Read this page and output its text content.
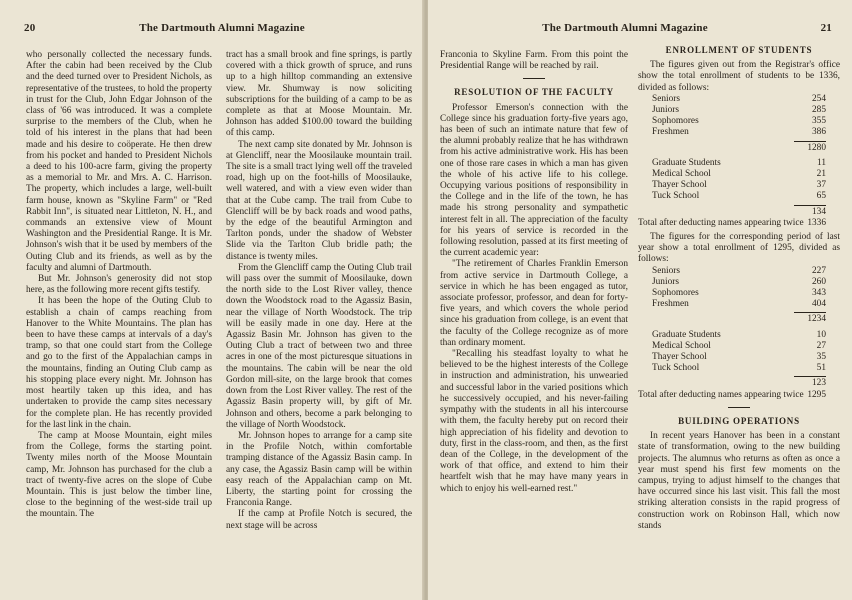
20	The Dartmouth Alumni Magazine

who personally collected the necessary funds. After the cabin had been received by the Club and the deed turned over to President Nichols, as representative of the trustees, to hold the property in trust for the Club, John Edgar Johnson of the class of '66 was introduced. It was a complete surprise to the members of the Club, when he told of his interest in the plans that had been made and his desire to coöperate. He then drew from his pocket and handed to President Nichols a deed to his 100-acre farm, giving the property as a memorial to Mr. and Mrs. A. C. Harrison. The property, which includes a large, well-built farm house, known as "Skyline Farm" or "Red Rabbit Inn", is situated near Littleton, N. H., and commands an extensive view of Mount Washington and the Presidential Range. It is Mr. Johnson's wish that it be used by members of the Outing Club and its friends, as well as by the faculty and alumni of Dartmouth.

But Mr. Johnson's generosity did not stop here, as the following more recent gifts testify.

It has been the hope of the Outing Club to establish a chain of camps reaching from Hanover to the White Mountains. The plan has been to have these camps at intervals of a day's tramp, so that one could start from the College and go to the first of the Appalachian camps in the mountains, finding an Outing Club camp as his stopping place every night. Mr. Johnson has most heartily taken up this idea, and has undertaken to provide the camp sites necessary for the complete plan. He has recently provided for the last link in the chain.

The camp at Moose Mountain, eight miles from the College, forms the starting point. Twenty miles north of the Moose Mountain camp, Mr. Johnson has purchased for the club a tract of twenty-five acres on the slope of Cube Mountain. This is just below the timber line, close to the beginning of the west-side trail up the mountain. The

tract has a small brook and fine springs, is partly covered with a thick growth of spruce, and runs up to a high hilltop commanding an extensive view. Mr. Shumway is now soliciting subscriptions for the building of a camp to be as complete as that at Moose Mountain. Mr. Johnson has added $100.00 toward the building of this camp.

The next camp site donated by Mr. Johnson is at Glencliff, near the Moosilauke mountain trail. The site is a small tract lying well off the traveled road, high up on the foot-hills of Moosilauke, well watered, and with a view even wider than that at the Cube camp. The trail from Cube to Glencliff will be by back roads and wood paths, by the edge of the beautiful Armington and Tarlton ponds, under the shadow of Webster Slide via the Tarlton Club bridle path; the distance is twenty miles.

From the Glencliff camp the Outing Club trail will pass over the summit of Moosilauke, down the north side to the Lost River valley, thence down the Woodstock road to the Agassiz Basin, near the village of North Woodstock. The trip will be easily made in one day. Here at the Agassiz Basin Mr. Johnson has given to the Outing Club a tract of between two and three acres in one of the most picturesque situations in the mountains. The cabin will be near the old Gordon mill-site, on the large brook that comes down from the Lost River valley. The rest of the Agassiz Basin property will, by gift of Mr. Johnson and others, become a park belonging to the village of North Woodstock.

Mr. Johnson hopes to arrange for a camp site in the Profile Notch, within comfortable tramping distance of the Agassiz Basin camp. In any case, the Agassiz Basin camp will be within easy reach of the Appalachian camp on Mt. Liberty, the starting point for crossing the Franconia Range.

If the camp at Profile Notch is secured, the next stage will be across

The Dartmouth Alumni Magazine	21

Franconia to Skyline Farm. From this point the Presidential Range will be reached by rail.

RESOLUTION OF THE FACULTY

Professor Emerson's connection with the College since his graduation forty-five years ago, has been of such an intimate nature that few of the alumni probably realize that he has withdrawn from his active administrative work. His has been one of those rare cases in which a man has given the whole of his active life to his college. Occupying various positions of responsibility in the College and in the life of the town, he has made his strong personality and sympathetic interest felt in all. The appreciation of the faculty for his years of service is recorded in the following resolution, passed at its first meeting of the current academic year:

"The retirement of Charles Franklin Emerson from active service in Dartmouth College, a service in which he has been engaged as tutor, associate professor, professor, and dean for forty-five years, and which covers the whole period since his graduation from college, is an event that the faculty of the College recognize as of more than ordinary moment.

"Recalling his steadfast loyalty to what he believed to be the highest interests of the College in instruction and administration, his unwearied and successful labor in the varied positions which he successively occupied, and his never-failing sympathy with the students in all his intercourse with them, the faculty hereby put on record their high appreciation of his fidelity and devotion to duty, first in the class-room, and then, as the first dean of the College, in the development of the work of that office, and extend to him their heartfelt wish that he may have many years in which to enjoy his well-earned rest."

ENROLLMENT OF STUDENTS

The figures given out from the Registrar's office show the total enrollment of students to be 1336, divided as follows:

Seniors	254
Juniors	285
Sophomores	355
Freshmen	386
1280
Graduate Students	11
Medical School	21
Thayer School	37
Tuck School	65
134
Total after deducting names appearing twice 1336

The figures for the corresponding period of last year show a total enrollment of 1295, divided as follows:

Seniors	227
Juniors	260
Sophomores	343
Freshmen	404
1234
Graduate Students	10
Medical School	27
Thayer School	35
Tuck School	51
123
Total after deducting names appearing twice 1295
BUILDING OPERATIONS

In recent years Hanover has been in a constant state of transformation, owing to the new building projects. The alumnus who returns as often as once a year must spend his first few moments on the campus, trying to adjust himself to the changes that have occurred since his last visit. This fall the most striking alteration consists in the rapid progress of construction work on Robinson Hall, which now stands
